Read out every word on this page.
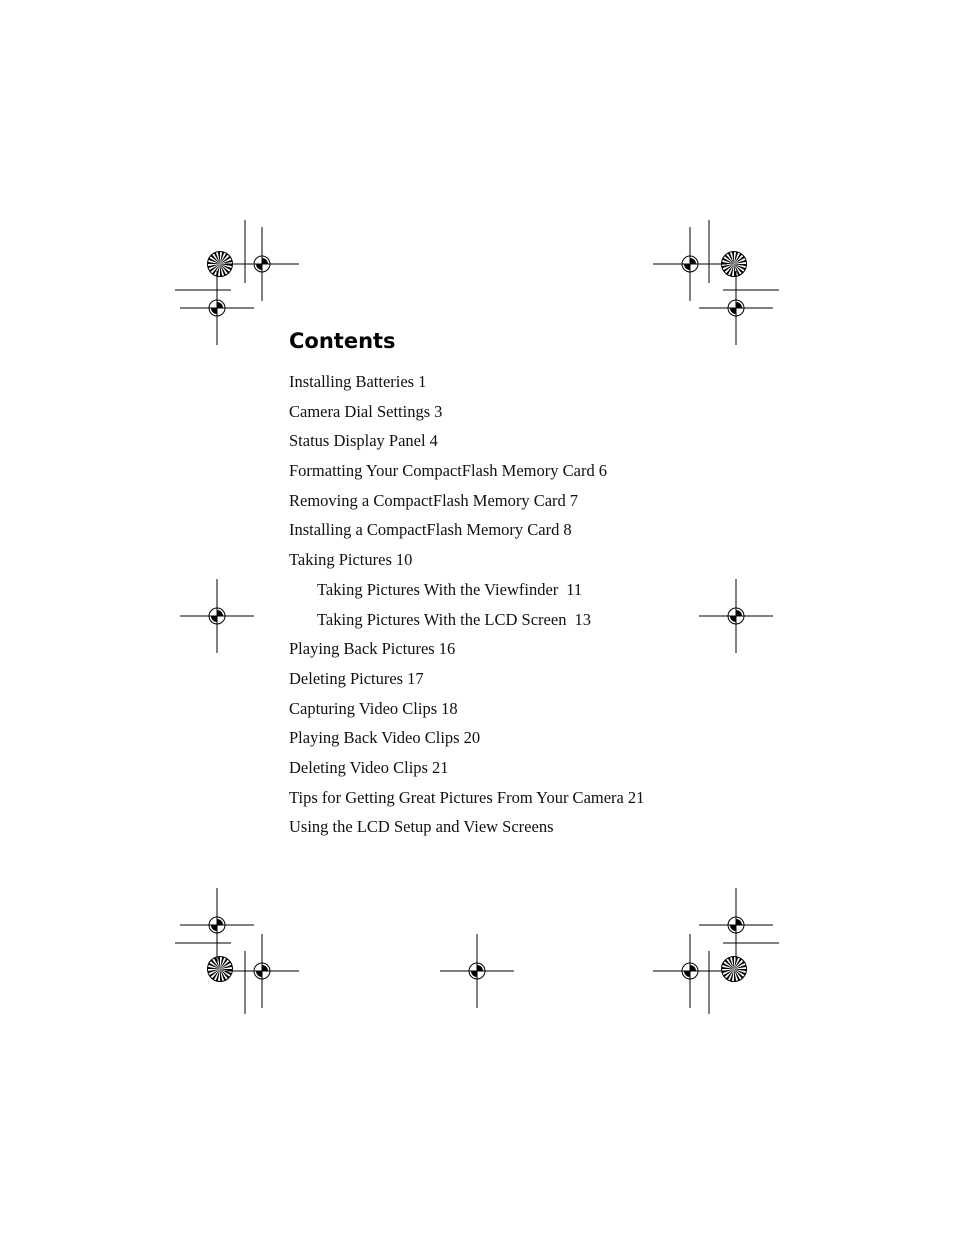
Contents
Installing Batteries 1
Camera Dial Settings 3
Status Display Panel 4
Formatting Your CompactFlash Memory Card 6
Removing a CompactFlash Memory Card 7
Installing a CompactFlash Memory Card 8
Taking Pictures 10
Taking Pictures With the Viewfinder 11
Taking Pictures With the LCD Screen 13
Playing Back Pictures 16
Deleting Pictures 17
Capturing Video Clips 18
Playing Back Video Clips 20
Deleting Video Clips 21
Tips for Getting Great Pictures From Your Camera 21
Using the LCD Setup and View Screens
